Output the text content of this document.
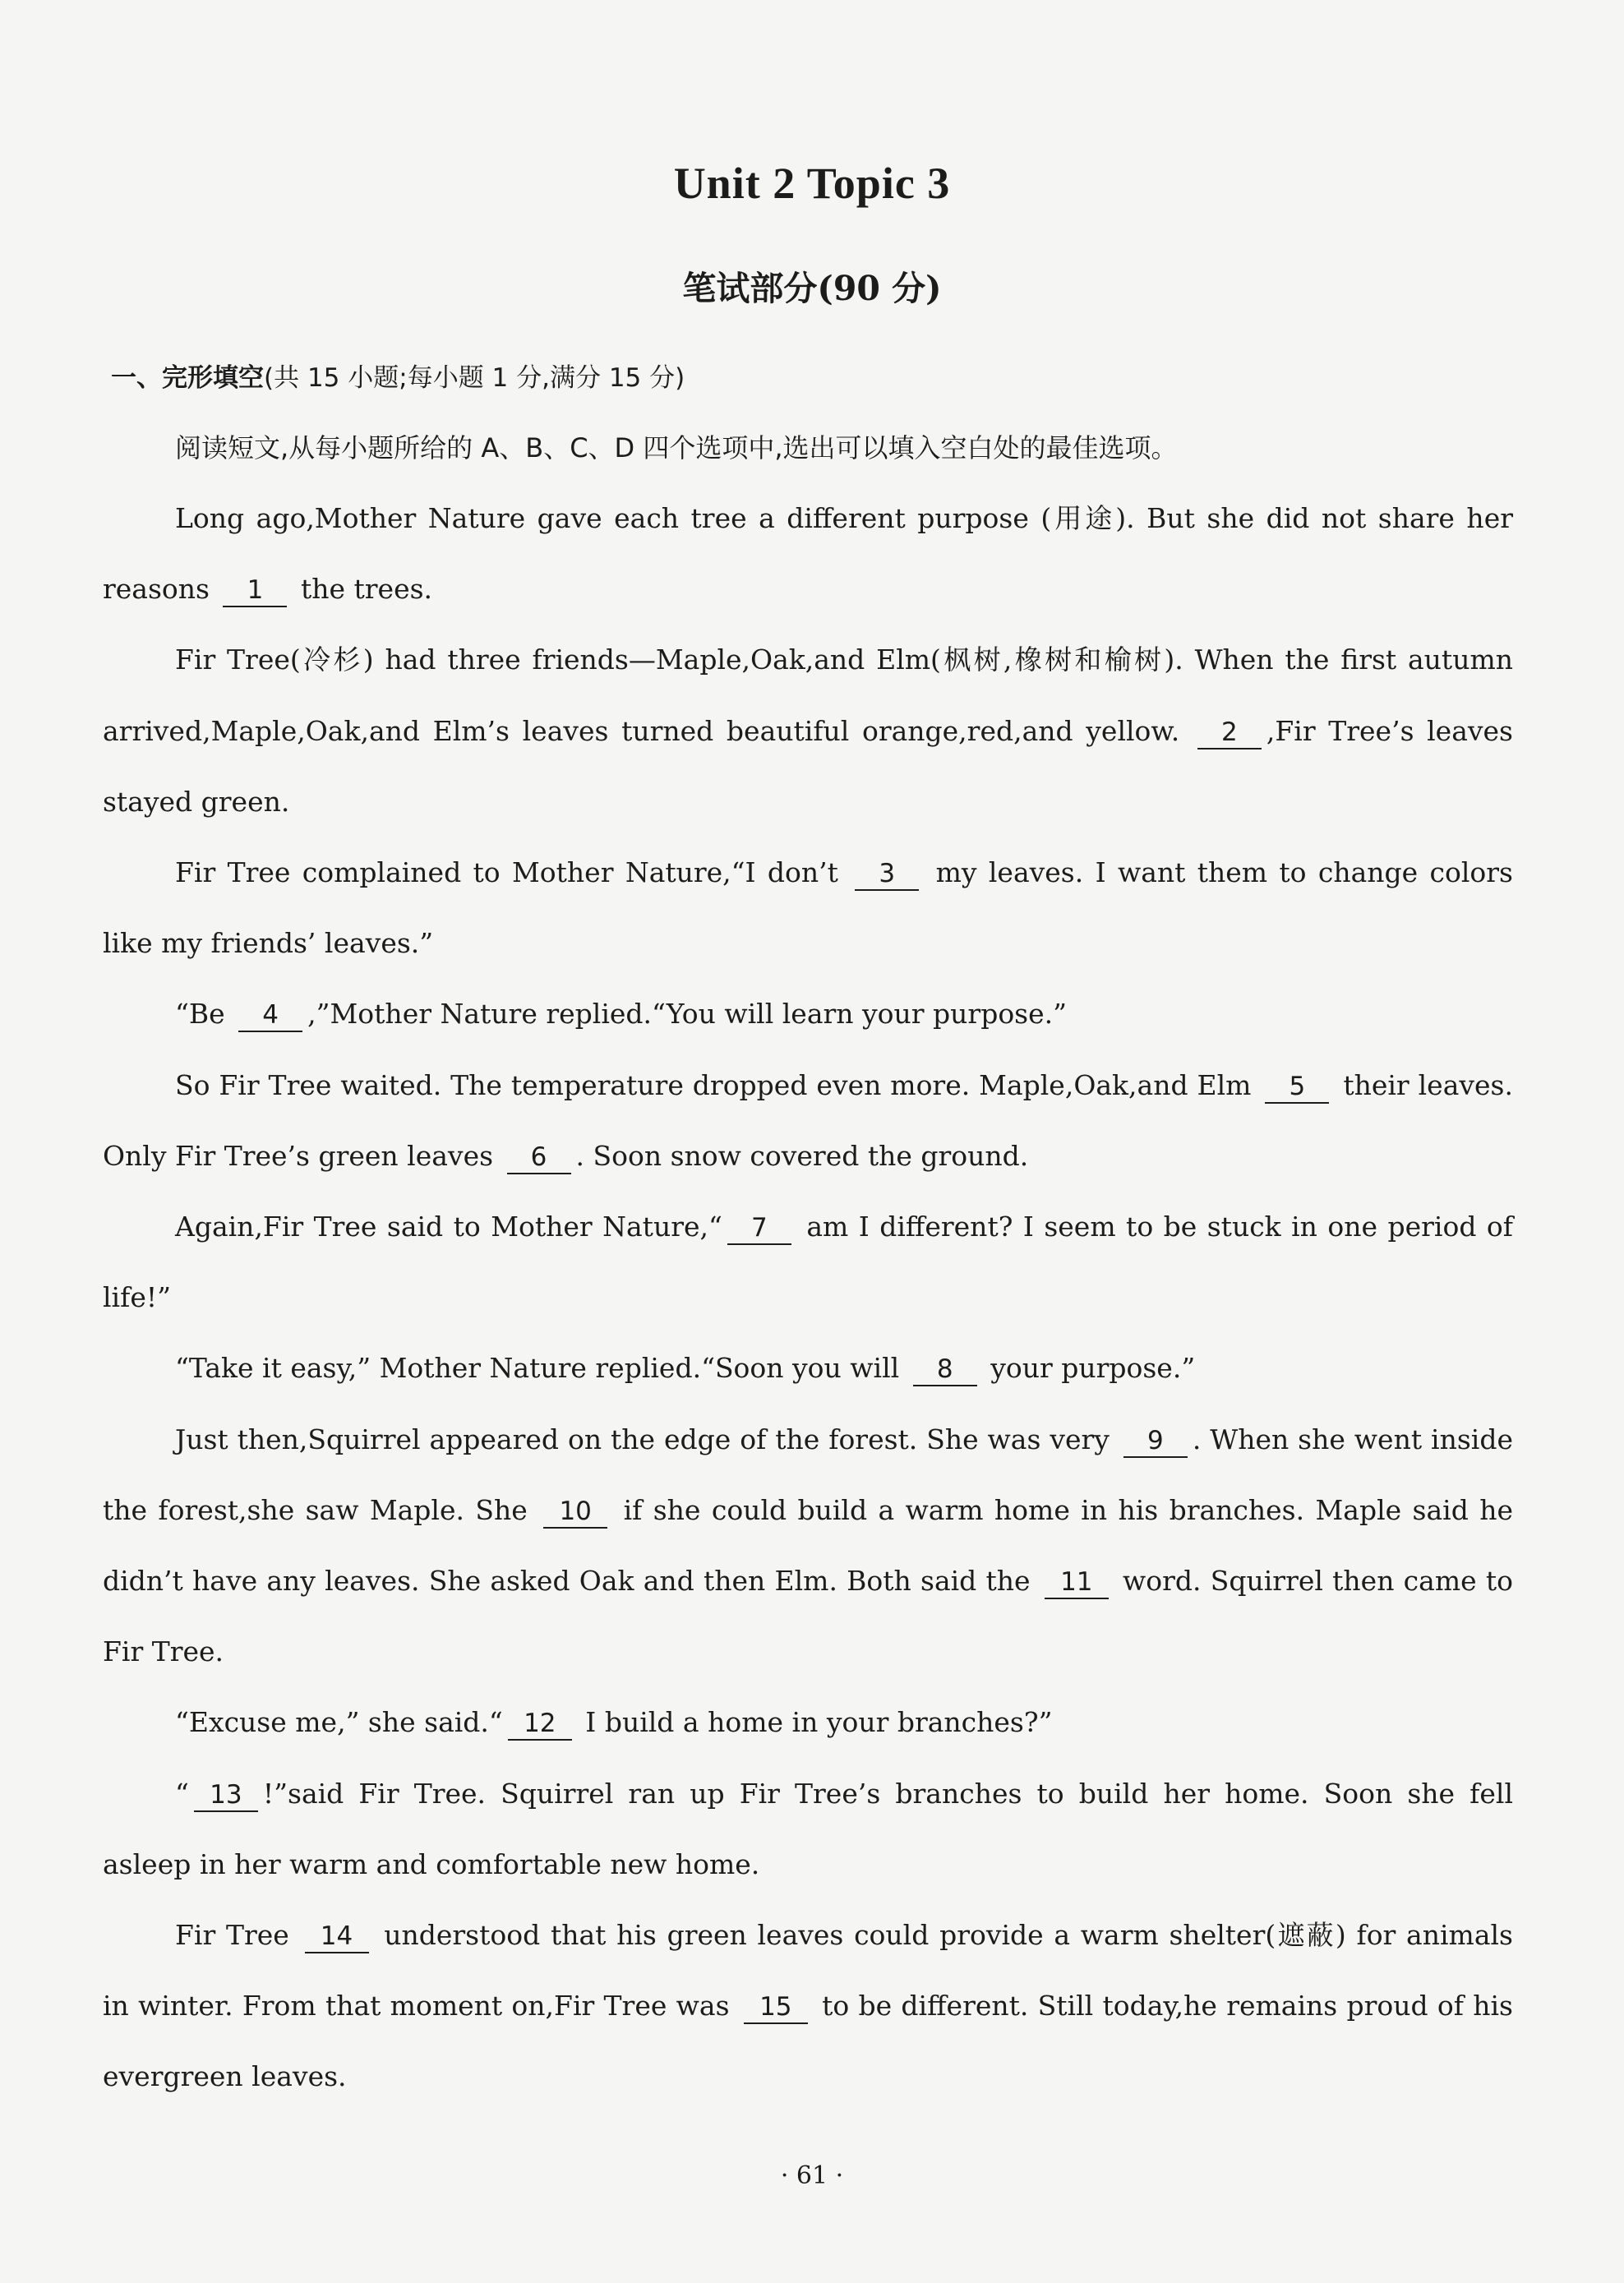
Unit 2 Topic 3
笔试部分(90 分)
一、完形填空(共 15 小题;每小题 1 分,满分 15 分)

阅读短文,从每小题所给的 A、B、C、D 四个选项中,选出可以填入空白处的最佳选项。

Long ago,Mother Nature gave each tree a different purpose (用途). But she did not share her reasons 1 the trees.

Fir Tree(冷杉) had three friends—Maple,Oak,and Elm(枫树,橡树和榆树). When the first autumn arrived,Maple,Oak,and Elm’s leaves turned beautiful orange,red,and yellow. 2 ,Fir Tree’s leaves stayed green.

Fir Tree complained to Mother Nature,“I don’t 3 my leaves. I want them to change colors like my friends’ leaves.”

“Be 4 ,”Mother Nature replied.“You will learn your purpose.”

So Fir Tree waited. The temperature dropped even more. Maple,Oak,and Elm 5 their leaves. Only Fir Tree’s green leaves 6 . Soon snow covered the ground.

Again,Fir Tree said to Mother Nature,“ 7 am I different? I seem to be stuck in one period of life!”

“Take it easy,” Mother Nature replied.“Soon you will 8 your purpose.”

Just then,Squirrel appeared on the edge of the forest. She was very 9 . When she went inside the forest,she saw Maple. She 10 if she could build a warm home in his branches. Maple said he didn’t have any leaves. She asked Oak and then Elm. Both said the 11 word. Squirrel then came to Fir Tree.

“Excuse me,” she said.“ 12 I build a home in your branches?”

“ 13 !”said Fir Tree. Squirrel ran up Fir Tree’s branches to build her home. Soon she fell asleep in her warm and comfortable new home.

Fir Tree 14 understood that his green leaves could provide a warm shelter(遮蔽) for animals in winter. From that moment on,Fir Tree was 15 to be different. Still today,he remains proud of his evergreen leaves.

· 61 ·
